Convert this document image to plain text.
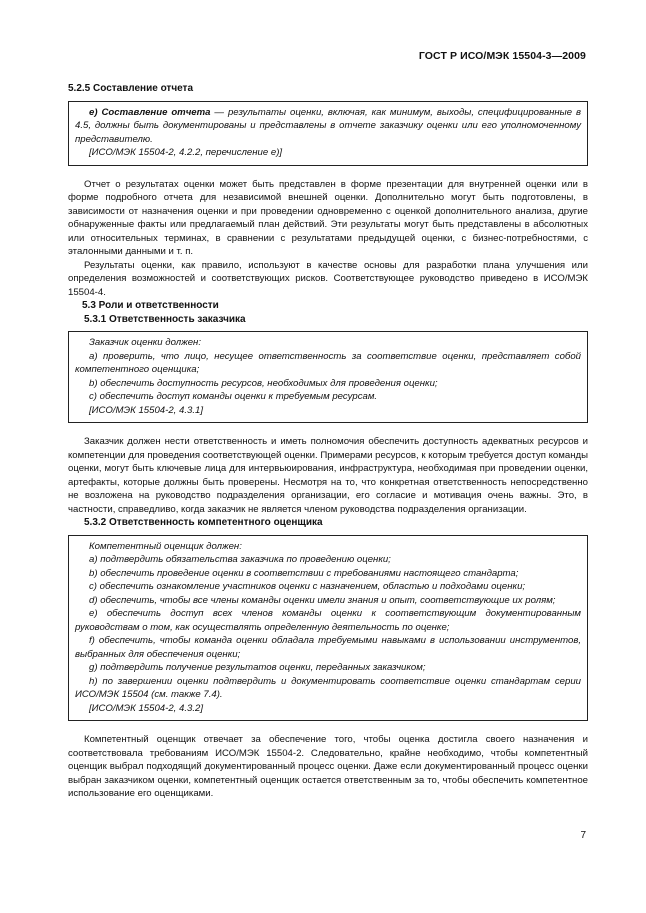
ГОСТ Р ИСО/МЭК 15504-3—2009

5.2.5 Составление отчета

e) Составление отчета — результаты оценки, включая, как минимум, выходы, специфицированные в 4.5, должны быть документированы и представлены в отчете заказчику оценки или его уполномоченному представителю.

[ИСО/МЭК 15504-2, 4.2.2, перечисление е)]

Отчет о результатах оценки может быть представлен в форме презентации для внутренней оценки или в форме подробного отчета для независимой внешней оценки. Дополнительно могут быть подготовлены, в зависимости от назначения оценки и при проведении одновременно с оценкой дополнительного анализа, другие обнаруженные факты или предлагаемый план действий. Эти результаты могут быть представлены в абсолютных или относительных терминах, в сравнении с результатами предыдущей оценки, с бизнес-потребностями, с эталонными данными и т. п.

Результаты оценки, как правило, используют в качестве основы для разработки плана улучшения или определения возможностей и соответствующих рисков. Соответствующее руководство приведено в ИСО/МЭК 15504-4.

5.3 Роли и ответственности

5.3.1 Ответственность заказчика

Заказчик оценки должен:

a) проверить, что лицо, несущее ответственность за соответствие оценки, представляет собой компетентного оценщика;

b) обеспечить доступность ресурсов, необходимых для проведения оценки;

c) обеспечить доступ команды оценки к требуемым ресурсам.

[ИСО/МЭК 15504-2, 4.3.1]

Заказчик должен нести ответственность и иметь полномочия обеспечить доступность адекватных ресурсов и компетенции для проведения соответствующей оценки. Примерами ресурсов, к которым требуется доступ команды оценки, могут быть ключевые лица для интервьюирования, инфраструктура, необходимая при проведении оценки, артефакты, которые должны быть проверены. Несмотря на то, что конкретная ответственность непосредственно не возложена на руководство подразделения организации, его согласие и мотивация очень важны. Это, в частности, справедливо, когда заказчик не является членом руководства подразделения организации.

5.3.2 Ответственность компетентного оценщика

Компетентный оценщик должен:

a) подтвердить обязательства заказчика по проведению оценки;

b) обеспечить проведение оценки в соответствии с требованиями настоящего стандарта;

c) обеспечить ознакомление участников оценки с назначением, областью и подходами оценки;

d) обеспечить, чтобы все члены команды оценки имели знания и опыт, соответствующие их ролям;

e) обеспечить доступ всех членов команды оценки к соответствующим документированным руководствам о том, как осуществлять определенную деятельность по оценке;

f) обеспечить, чтобы команда оценки обладала требуемыми навыками в использовании инструментов, выбранных для обеспечения оценки;

g) подтвердить получение результатов оценки, переданных заказчиком;

h) по завершении оценки подтвердить и документировать соответствие оценки стандартам серии ИСО/МЭК 15504 (см. также 7.4).

[ИСО/МЭК 15504-2, 4.3.2]

Компетентный оценщик отвечает за обеспечение того, чтобы оценка достигла своего назначения и соответствовала требованиям ИСО/МЭК 15504-2. Следовательно, крайне необходимо, чтобы компетентный оценщик выбрал подходящий документированный процесс оценки. Даже если документированный процесс оценки выбран заказчиком оценки, компетентный оценщик остается ответственным за то, чтобы обеспечить компетентное использование его оценщиками.

7
